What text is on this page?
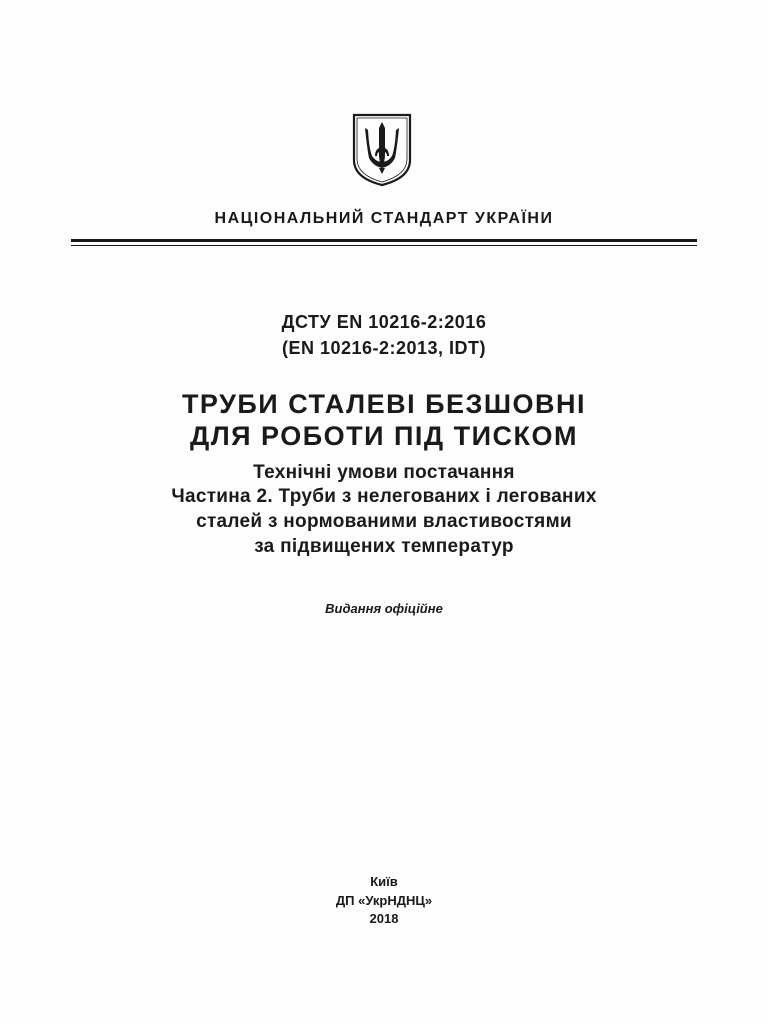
НАЦІОНАЛЬНИЙ СТАНДАРТ УКРАЇНИ
ДСТУ EN 10216-2:2016
(EN 10216-2:2013, IDT)
ТРУБИ СТАЛЕВІ БЕЗШОВНІ
ДЛЯ РОБОТИ ПІД ТИСКОМ
Технічні умови постачання
Частина 2. Труби з нелегованих і легованих
сталей з нормованими властивостями
за підвищених температур
Видання офіційне
Київ
ДП «УкрНДНЦ»
2018
